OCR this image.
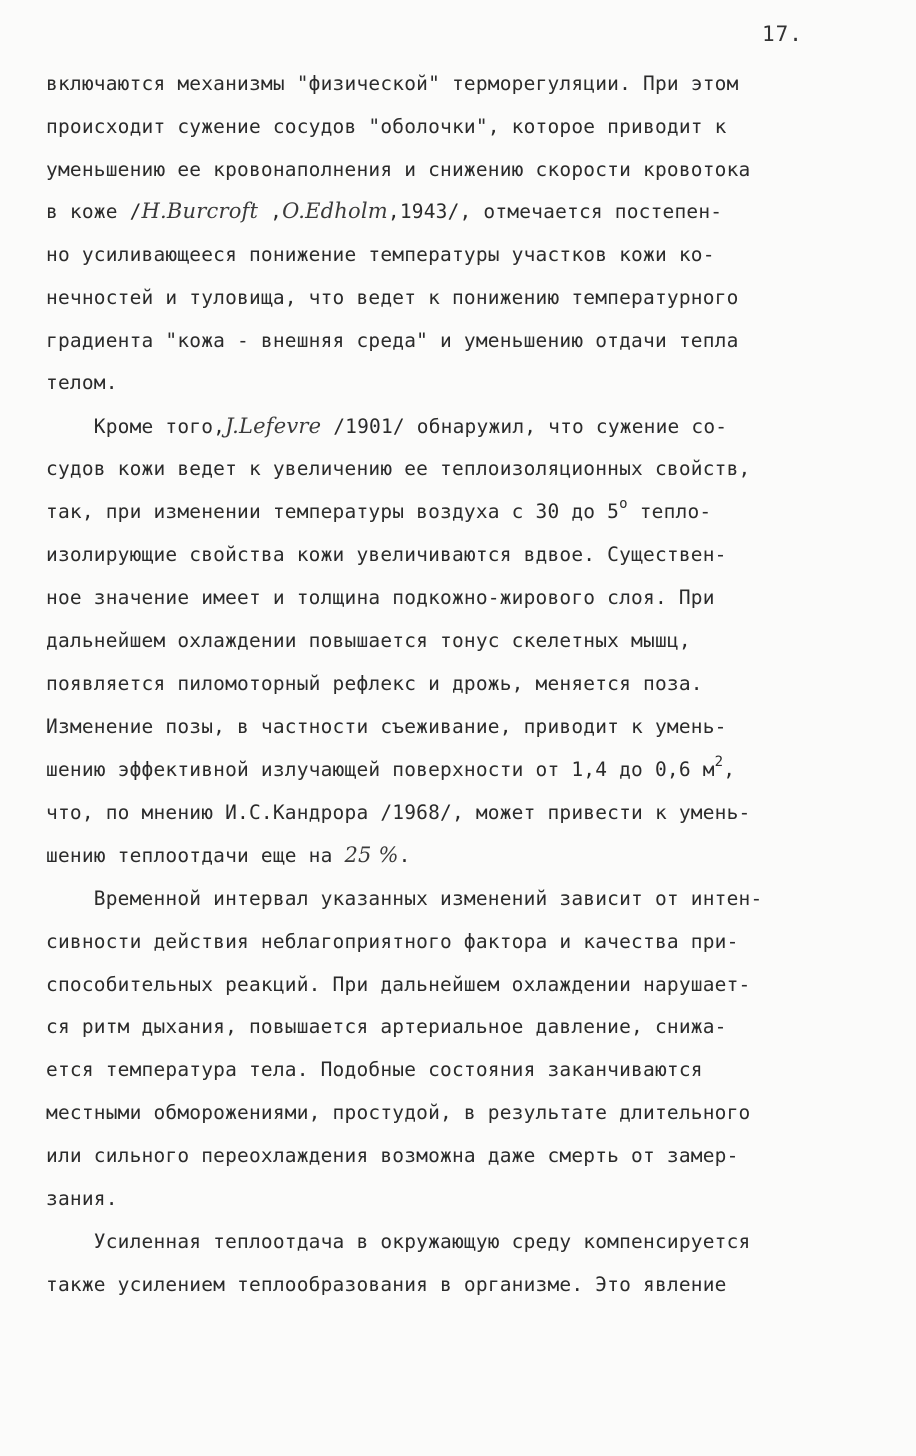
17.
включаются механизмы "физической" терморегуляции. При этом
происходит сужение сосудов "оболочки", которое приводит к
уменьшению ее кровонаполнения и снижению скорости кровотока
в коже /H.Burcroft ,O.Edholm,1943/, отмечается постепен-
но усиливающееся понижение температуры участков кожи ко-
нечностей и туловища, что ведет к понижению температурного
градиента "кожа - внешняя среда" и уменьшению отдачи тепла
телом.
Кроме того,J.Lefevre /1901/ обнаружил, что сужение со-
судов кожи ведет к увеличению ее теплоизоляционных свойств,
так, при изменении температуры воздуха с 30 до $5^о$ тепло-
изолирующие свойства кожи увеличиваются вдвое. Существен-
ное значение имеет и толщина подкожно-жирового слоя. При
дальнейшем охлаждении повышается тонус скелетных мышц,
появляется пиломоторный рефлекс и дрожь, меняется поза.
Изменение позы, в частности съеживание, приводит к умень-
шению эффективной излучающей поверхности от 1,4 до 0,6 $м^2$,
что, по мнению И.С.Кандрора /1968/, может привести к умень-
шению теплоотдачи еще на 25 %.
Временной интервал указанных изменений зависит от интен-
сивности действия неблагоприятного фактора и качества при-
способительных реакций. При дальнейшем охлаждении нарушает-
ся ритм дыхания, повышается артериальное давление, снижа-
ется температура тела. Подобные состояния заканчиваются
местными обморожениями, простудой, в результате длительного
или сильного переохлаждения возможна даже смерть от замер-
зания.
Усиленная теплоотдача в окружающую среду компенсируется
также усилением теплообразования в организме. Это явление
